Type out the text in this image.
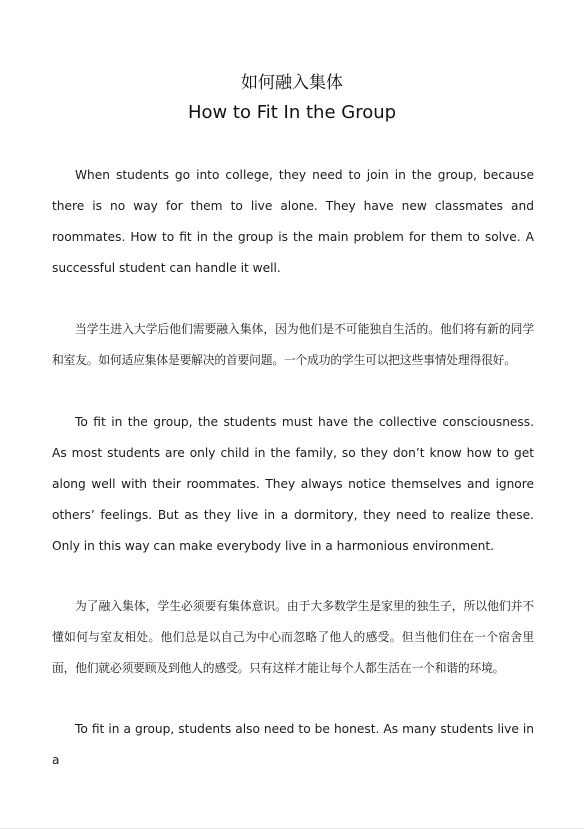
如何融入集体
How to Fit In the Group

When students go into college, they need to join in the group, because there is no way for them to live alone. They have new classmates and roommates. How to fit in the group is the main problem for them to solve. A successful student can handle it well.

当学生进入大学后他们需要融入集体，因为他们是不可能独自生活的。他们将有新的同学和室友。如何适应集体是要解决的首要问题。一个成功的学生可以把这些事情处理得很好。

To fit in the group, the students must have the collective consciousness. As most students are only child in the family, so they don’t know how to get along well with their roommates. They always notice themselves and ignore others’ feelings. But as they live in a dormitory, they need to realize these. Only in this way can make everybody live in a harmonious environment.

为了融入集体，学生必须要有集体意识。由于大多数学生是家里的独生子，所以他们并不懂如何与室友相处。他们总是以自己为中心而忽略了他人的感受。但当他们住在一个宿舍里面，他们就必须要顾及到他人的感受。只有这样才能让每个人都生活在一个和谐的环境。

To fit in a group, students also need to be honest. As many students live in a
